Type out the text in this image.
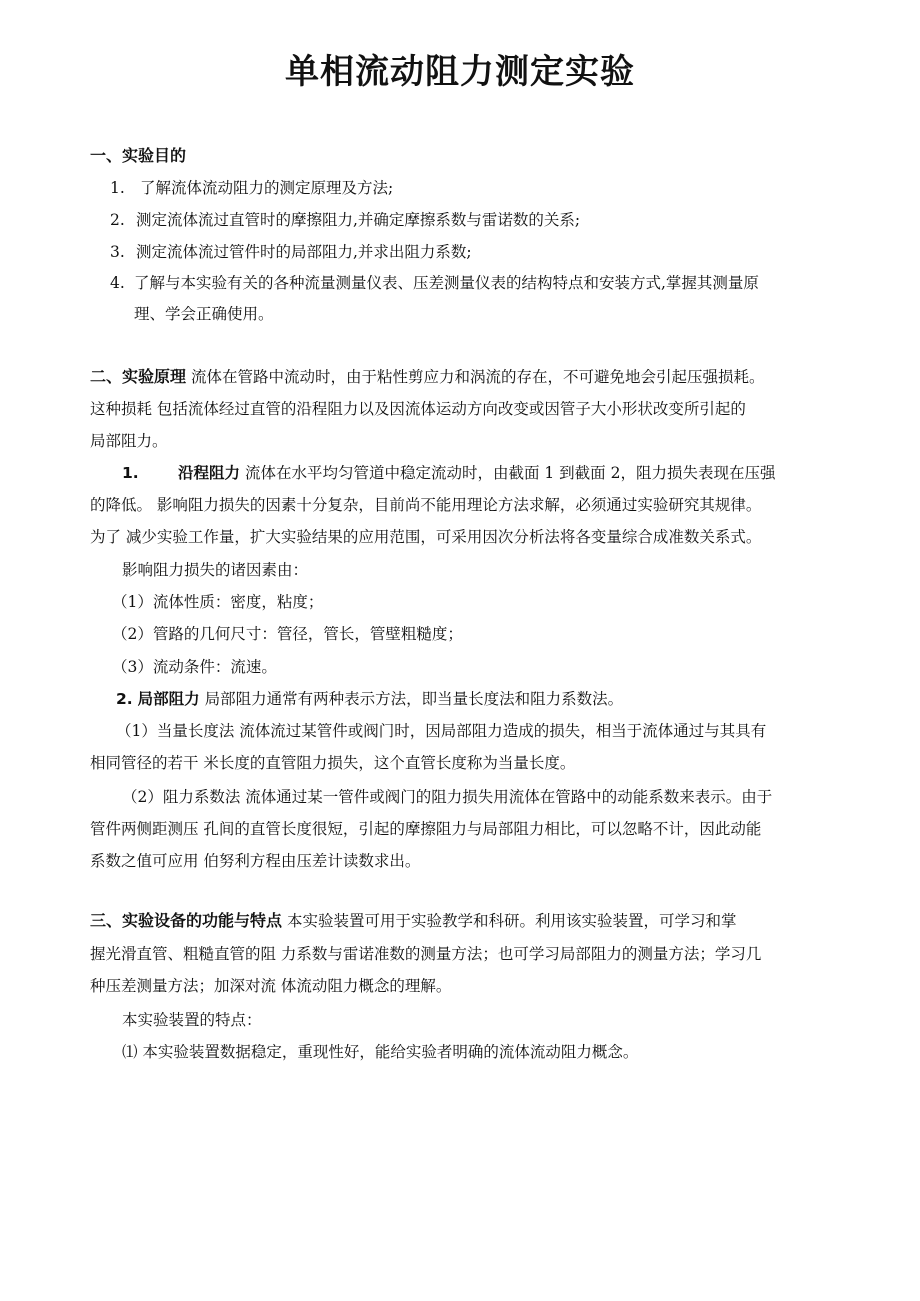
单相流动阻力测定实验
一、实验目的
1. 了解流体流动阻力的测定原理及方法;
2. 测定流体流过直管时的摩擦阻力,并确定摩擦系数与雷诺数的关系;
3. 测定流体流过管件时的局部阻力,并求出阻力系数;
4. 了解与本实验有关的各种流量测量仪表、压差测量仪表的结构特点和安装方式,掌握其测量原
理、学会正确使用。
二、实验原理 流体在管路中流动时，由于粘性剪应力和涡流的存在，不可避免地会引起压强损耗。
这种损耗 包括流体经过直管的沿程阻力以及因流体运动方向改变或因管子大小形状改变所引起的
局部阻力。
1.	沿程阻力 流体在水平均匀管道中稳定流动时，由截面 1 到截面 2，阻力损失表现在压强
的降低。 影响阻力损失的因素十分复杂，目前尚不能用理论方法求解，必须通过实验研究其规律。
为了 减少实验工作量，扩大实验结果的应用范围，可采用因次分析法将各变量综合成准数关系式。
影响阻力损失的诸因素由：
（1）流体性质：密度，粘度；
（2）管路的几何尺寸：管径，管长，管壁粗糙度；
（3）流动条件：流速。
2. 局部阻力 局部阻力通常有两种表示方法，即当量长度法和阻力系数法。
（1）当量长度法 流体流过某管件或阀门时，因局部阻力造成的损失，相当于流体通过与其具有
相同管径的若干 米长度的直管阻力损失，这个直管长度称为当量长度。
（2）阻力系数法 流体通过某一管件或阀门的阻力损失用流体在管路中的动能系数来表示。由于
管件两侧距测压 孔间的直管长度很短，引起的摩擦阻力与局部阻力相比，可以忽略不计，因此动能
系数之值可应用 伯努利方程由压差计读数求出。
三、实验设备的功能与特点 本实验装置可用于实验教学和科研。利用该实验装置，可学习和掌
握光滑直管、粗糙直管的阻 力系数与雷诺准数的测量方法；也可学习局部阻力的测量方法；学习几
种压差测量方法；加深对流 体流动阻力概念的理解。
本实验装置的特点：
⑴ 本实验装置数据稳定，重现性好，能给实验者明确的流体流动阻力概念。
